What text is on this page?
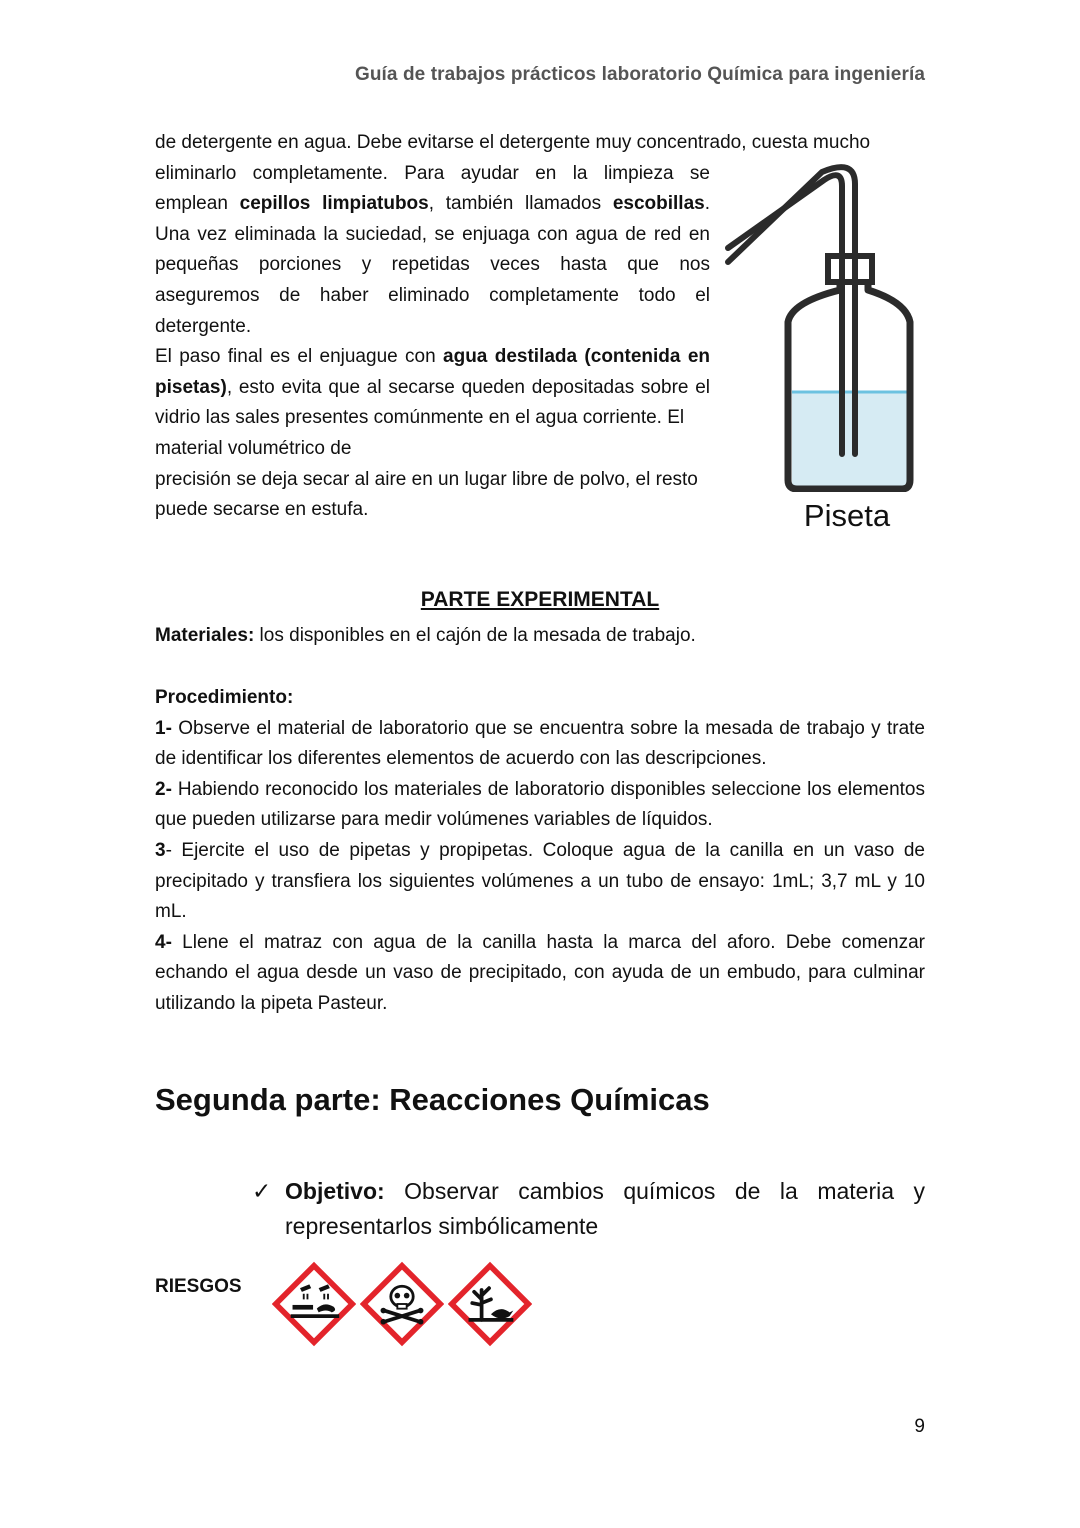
Guía de trabajos prácticos laboratorio Química para ingeniería

de detergente en agua. Debe evitarse el detergente muy concentrado, cuesta mucho

eliminarlo completamente. Para ayudar en la limpieza se emplean cepillos limpiatubos, también llamados escobillas. Una vez eliminada la suciedad, se enjuaga con agua de red en pequeñas porciones y repetidas veces hasta que nos aseguremos de haber eliminado completamente todo el detergente.

El paso final es el enjuague con agua destilada (contenida en pisetas), esto evita que al secarse queden depositadas sobre el vidrio las sales presentes comúnmente en el agua corriente. El

material volumétrico de

precisión se deja secar al aire en un lugar libre de polvo, el resto puede secarse en estufa.	Piseta
PARTE EXPERIMENTAL

Materiales: los disponibles en el cajón de la mesada de trabajo.

Procedimiento:

1- Observe el material de laboratorio que se encuentra sobre la mesada de trabajo y trate de identificar los diferentes elementos de acuerdo con las descripciones.

2- Habiendo reconocido los materiales de laboratorio disponibles seleccione los elementos que pueden utilizarse para medir volúmenes variables de líquidos.

3- Ejercite el uso de pipetas y propipetas. Coloque agua de la canilla en un vaso de precipitado y transfiera los siguientes volúmenes a un tubo de ensayo: 1mL; 3,7 mL y 10 mL.

4- Llene el matraz con agua de la canilla hasta la marca del aforo. Debe comenzar echando el agua desde un vaso de precipitado, con ayuda de un embudo, para culminar utilizando la pipeta Pasteur.

Segunda parte: Reacciones Químicas
✓ Objetivo: Observar cambios químicos de la materia y representarlos simbólicamente
RIESGOS
9
